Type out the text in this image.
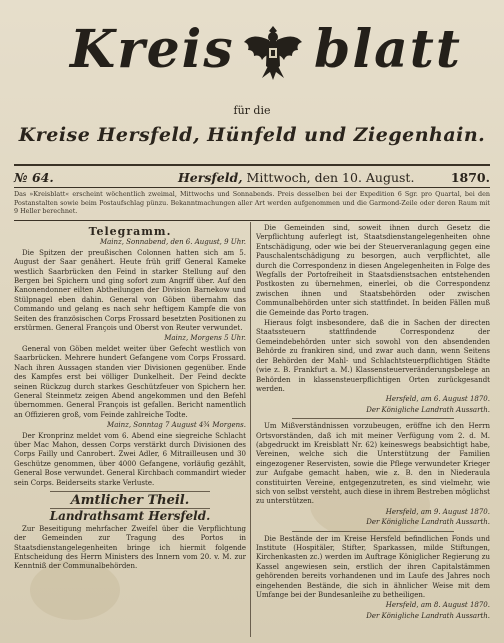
Kreis blatt
für die
Kreise Hersfeld, Hünfeld und Ziegenhain.
№ 64.	Hersfeld, Mittwoch, den 10. August.	1870.
Das »Kreisblatt« erscheint wöchentlich zweimal, Mittwochs und Sonnabends. Preis desselben bei der Expedition 6 Sgr. pro Quartal, bei den Postanstalten sowie beim Postaufschlag pünzu. Bekanntmachungen aller Art werden aufgenommen und die Garmond-Zeile oder deren Raum mit 9 Heller berechnet.
Telegramm.

Mainz, Sonnabend, den 6. August, 9 Uhr.

Die Spitzen der preußischen Colonnen hatten sich am 5. August der Saar genähert. Heute früh griff General Kameke westlich Saarbrücken den Feind in starker Stellung auf den Bergen bei Spichern und ging sofort zum Angriff über. Auf den Kanonendonner eilten Abtheilungen der Division Barnekow und Stülpnagel eben dahin. General von Göben übernahm das Commando und gelang es nach sehr heftigem Kampfe die von Seiten des französischen Corps Frossard besetzten Positionen zu erstürmen. General François und Oberst von Reuter verwundet.

Mainz, Morgens 5 Uhr.

General von Göben meldet weiter über Gefecht westlich von Saarbrücken. Mehrere hundert Gefangene vom Corps Frossard. Nach ihren Aussagen standen vier Divisionen gegenüber. Ende des Kampfes erst bei völliger Dunkelheit. Der Feind deckte seinen Rückzug durch starkes Geschützfeuer von Spichern her. General Steinmetz zeigen Abend angekommen und den Befehl übernommen. General François ist gefallen. Bericht namentlich an Offizieren groß, vom Feinde zahlreiche Todte.

Mainz, Sonntag 7 August 4¾ Morgens.

Der Kronprinz meldet vom 6. Abend eine siegreiche Schlacht über Mac Mahon, dessen Corps verstärkt durch Divisionen des Corps Failly und Canrobert. Zwei Adler, 6 Mitrailleusen und 30 Geschütze genommen, über 4000 Gefangene, vorläufig gezählt, General Bose verwundet. General Kirchbach commandirt wieder sein Corps. Beiderseits starke Verluste.

Amtlicher Theil.
Landrathsamt Hersfeld.

Zur Beseitigung mehrfacher Zweifel über die Verpflichtung der Gemeinden zur Tragung des Portos in Staatsdienstangelegenheiten bringe ich hiermit folgende Entscheidung des Herrn Ministers des Innern vom 20. v. M. zur Kenntniß der Communalbehörden.

Die Gemeinden sind, soweit ihnen durch Gesetz die Verpflichtung auferlegt ist, Staatsdienstangelegenheiten ohne Entschädigung, oder wie bei der Steuerveranlagung gegen eine Pauschalentschädigung zu besorgen, auch verpflichtet, alle durch die Correspondenz in diesen Angelegenheiten in Folge des Wegfalls der Portofreiheit in Staatsdienstsachen entstehenden Postkosten zu übernehmen, einerlei, ob die Correspondenz zwischen ihnen und Staatsbehörden oder zwischen Communalbehörden unter sich stattfindet. In beiden Fällen muß die Gemeinde das Porto tragen.

Hieraus folgt insbesondere, daß die in Sachen der directen Staatssteuern stattfindende Correspondenz der Gemeindebehörden unter sich sowohl von den absendenden Behörde zu frankiren sind, und zwar auch dann, wenn Seitens der Behörden der Mahl- und Schlachtsteuerpflichtigen Städte (wie z. B. Frankfurt a. M.) Klassensteuerveränderungsbelege an Behörden in klassensteuerpflichtigen Orten zurückgesandt werden.

Hersfeld, am 6. August 1870.

Der Königliche Landrath Aussarth.

Um Mißverständnissen vorzubeugen, eröffne ich den Herrn Ortsvorständen, daß ich mit meiner Verfügung vom 2. d. M. (abgedruckt im Kreisblatt Nr. 62) keineswegs beabsichtigt habe, Vereinen, welche sich die Unterstützung der Familien eingezogener Reservisten, sowie die Pflege verwundeter Krieger zur Aufgabe gemacht haben, wie z. B. den in Niederaula constituirten Vereine, entgegenzutreten, es sind vielmehr, wie sich von selbst versteht, auch diese in ihrem Bestreben möglichst zu unterstützen.

Hersfeld, am 9. August 1870.

Der Königliche Landrath Aussarth.

Die Bestände der im Kreise Hersfeld befindlichen Fonds und Institute (Hospitäler, Stifter, Sparkassen, milde Stiftungen, Kirchenkasten zc.) werden im Auftrage Königlicher Regierung zu Kassel angewiesen sein, erstlich der ihren Capitalstämmen gehörenden bereits vorhandenen und im Laufe des Jahres noch eingehenden Bestände, die sich in ähnlicher Weise mit dem Umfange bei der Bundesanleihe zu betheiligen.

Hersfeld, am 8. August 1870.

Der Königliche Landrath Aussarth.
